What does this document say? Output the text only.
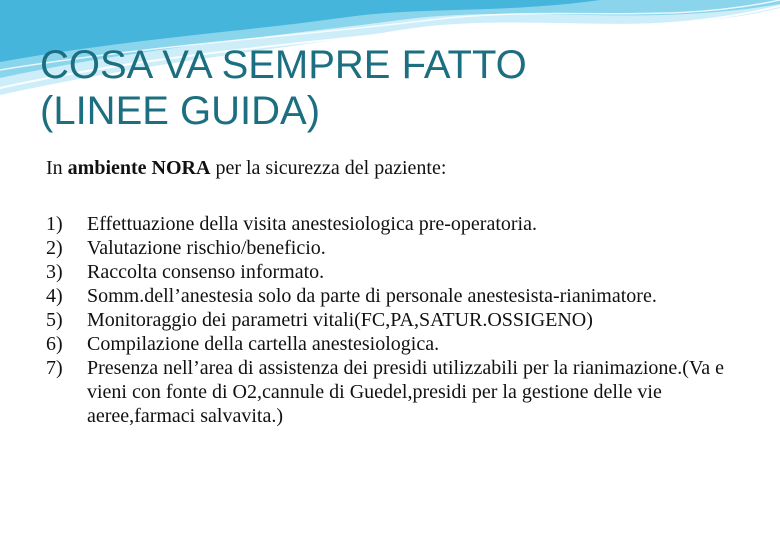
COSA VA SEMPRE FATTO
(LINEE GUIDA)
In ambiente NORA per la sicurezza del paziente:
1)	Effettuazione della visita anestesiologica pre-operatoria.
2)	Valutazione rischio/beneficio.
3)	Raccolta consenso informato.
4)	Somm.dell’anestesia solo da parte di personale anestesista-rianimatore.
5)	Monitoraggio dei parametri vitali(FC,PA,SATUR.OSSIGENO)
6)	Compilazione della cartella anestesiologica.
7)	Presenza nell’area di assistenza dei presidi utilizzabili per la rianimazione.(Va e vieni con fonte di O2,cannule di Guedel,presidi per la gestione delle vie aeree,farmaci salvavita.)
